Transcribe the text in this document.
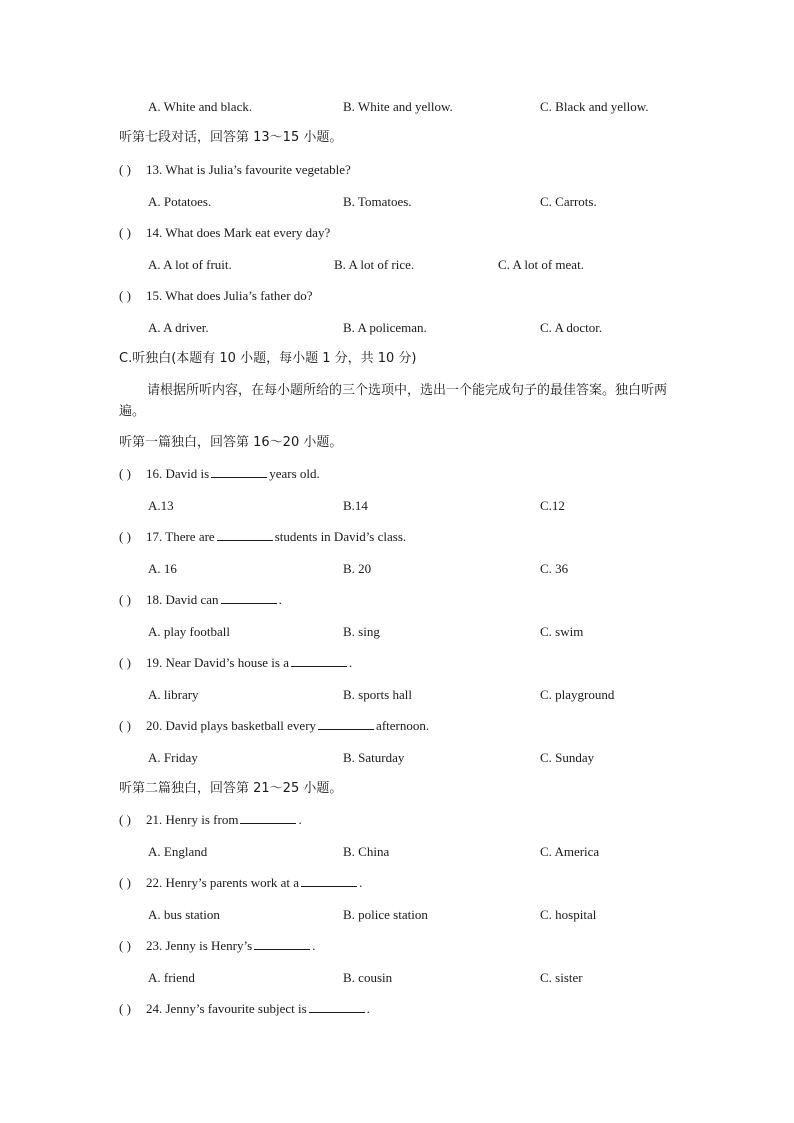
请根据所听内容，在每小题所给的三个选项中，选出一个能完成句子的最佳答案。独白听两遍。
A. White and black.	B. White and yellow.	C. Black and yellow.
听第七段对话，回答第 13～15 小题。
( ) 13. What is Julia’s favourite vegetable?
A. Potatoes.	B. Tomatoes.	C. Carrots.
( ) 14. What does Mark eat every day?
A. A lot of fruit.	B. A lot of rice.	C. A lot of meat.
( ) 15. What does Julia’s father do?
A. A driver.	B. A policeman.	C. A doctor.
C.听独白(本题有 10 小题，每小题 1 分，共 10 分)
听第一篇独白，回答第 16～20 小题。
( ) 16. David is	years old.
A.13	B.14	C.12
( ) 17. There are	students in David’s class.
A. 16	B. 20	C. 36
( ) 18. David can	.
A. play football	B. sing	C. swim
( ) 19. Near David’s house is a	.
A. library	B. sports hall	C. playground
( ) 20. David plays basketball every	afternoon.
A. Friday	B. Saturday	C. Sunday
听第二篇独白，回答第 21～25 小题。
( ) 21. Henry is from	.
A. England	B. China	C. America
( ) 22. Henry’s parents work at a	.
A. bus station	B. police station	C. hospital
( ) 23. Jenny is Henry’s	.
A. friend	B. cousin	C. sister
( ) 24. Jenny’s favourite subject is	.
